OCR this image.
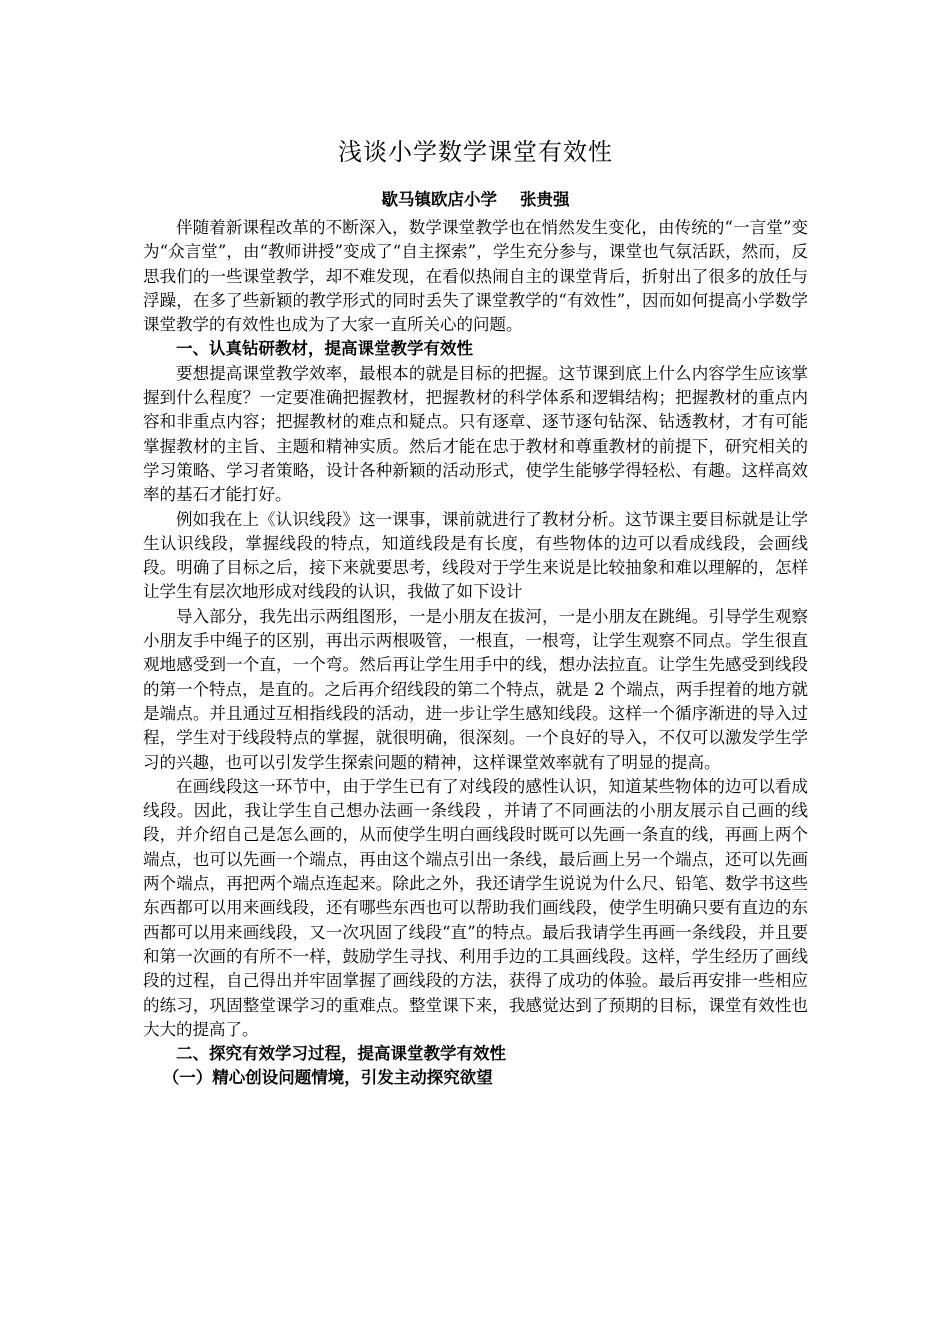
浅谈小学数学课堂有效性
歇马镇欧店小学    张贵强

伴随着新课程改革的不断深入，数学课堂教学也在悄然发生变化，由传统的“一言堂”变为“众言堂”，由“教师讲授”变成了“自主探索”，学生充分参与，课堂也气氛活跃，然而，反思我们的一些课堂教学，却不难发现，在看似热闹自主的课堂背后，折射出了很多的放任与浮躁，在多了些新颖的教学形式的同时丢失了课堂教学的“有效性”，因而如何提高小学数学课堂教学的有效性也成为了大家一直所关心的问题。

一、认真钻研教材，提高课堂教学有效性

要想提高课堂教学效率，最根本的就是目标的把握。这节课到底上什么内容学生应该掌握到什么程度？一定要准确把握教材，把握教材的科学体系和逻辑结构；把握教材的重点内容和非重点内容；把握教材的难点和疑点。只有逐章、逐节逐句钻深、钻透教材，才有可能掌握教材的主旨、主题和精神实质。然后才能在忠于教材和尊重教材的前提下，研究相关的学习策略、学习者策略，设计各种新颖的活动形式，使学生能够学得轻松、有趣。这样高效率的基石才能打好。

例如我在上《认识线段》这一课事，课前就进行了教材分析。这节课主要目标就是让学生认识线段，掌握线段的特点，知道线段是有长度，有些物体的边可以看成线段，会画线段。明确了目标之后，接下来就要思考，线段对于学生来说是比较抽象和难以理解的，怎样让学生有层次地形成对线段的认识，我做了如下设计

导入部分，我先出示两组图形，一是小朋友在拔河，一是小朋友在跳绳。引导学生观察小朋友手中绳子的区别，再出示两根吸管，一根直，一根弯，让学生观察不同点。学生很直观地感受到一个直，一个弯。然后再让学生用手中的线，想办法拉直。让学生先感受到线段的第一个特点，是直的。之后再介绍线段的第二个特点，就是 2 个端点，两手捏着的地方就是端点。并且通过互相指线段的活动，进一步让学生感知线段。这样一个循序渐进的导入过程，学生对于线段特点的掌握，就很明确，很深刻。一个良好的导入，不仅可以激发学生学习的兴趣，也可以引发学生探索问题的精神，这样课堂效率就有了明显的提高。

在画线段这一环节中，由于学生已有了对线段的感性认识，知道某些物体的边可以看成线段。因此，我让学生自己想办法画一条线段 ，并请了不同画法的小朋友展示自己画的线段，并介绍自己是怎么画的，从而使学生明白画线段时既可以先画一条直的线，再画上两个端点，也可以先画一个端点，再由这个端点引出一条线，最后画上另一个端点，还可以先画两个端点，再把两个端点连起来。除此之外，我还请学生说说为什么尺、铅笔、数学书这些东西都可以用来画线段，还有哪些东西也可以帮助我们画线段，使学生明确只要有直边的东西都可以用来画线段，又一次巩固了线段“直”的特点。最后我请学生再画一条线段，并且要和第一次画的有所不一样，鼓励学生寻找、利用手边的工具画线段。这样，学生经历了画线段的过程，自己得出并牢固掌握了画线段的方法，获得了成功的体验。最后再安排一些相应的练习，巩固整堂课学习的重难点。整堂课下来，我感觉达到了预期的目标，课堂有效性也大大的提高了。

二、探究有效学习过程，提高课堂教学有效性
（一）精心创设问题情境，引发主动探究欲望
